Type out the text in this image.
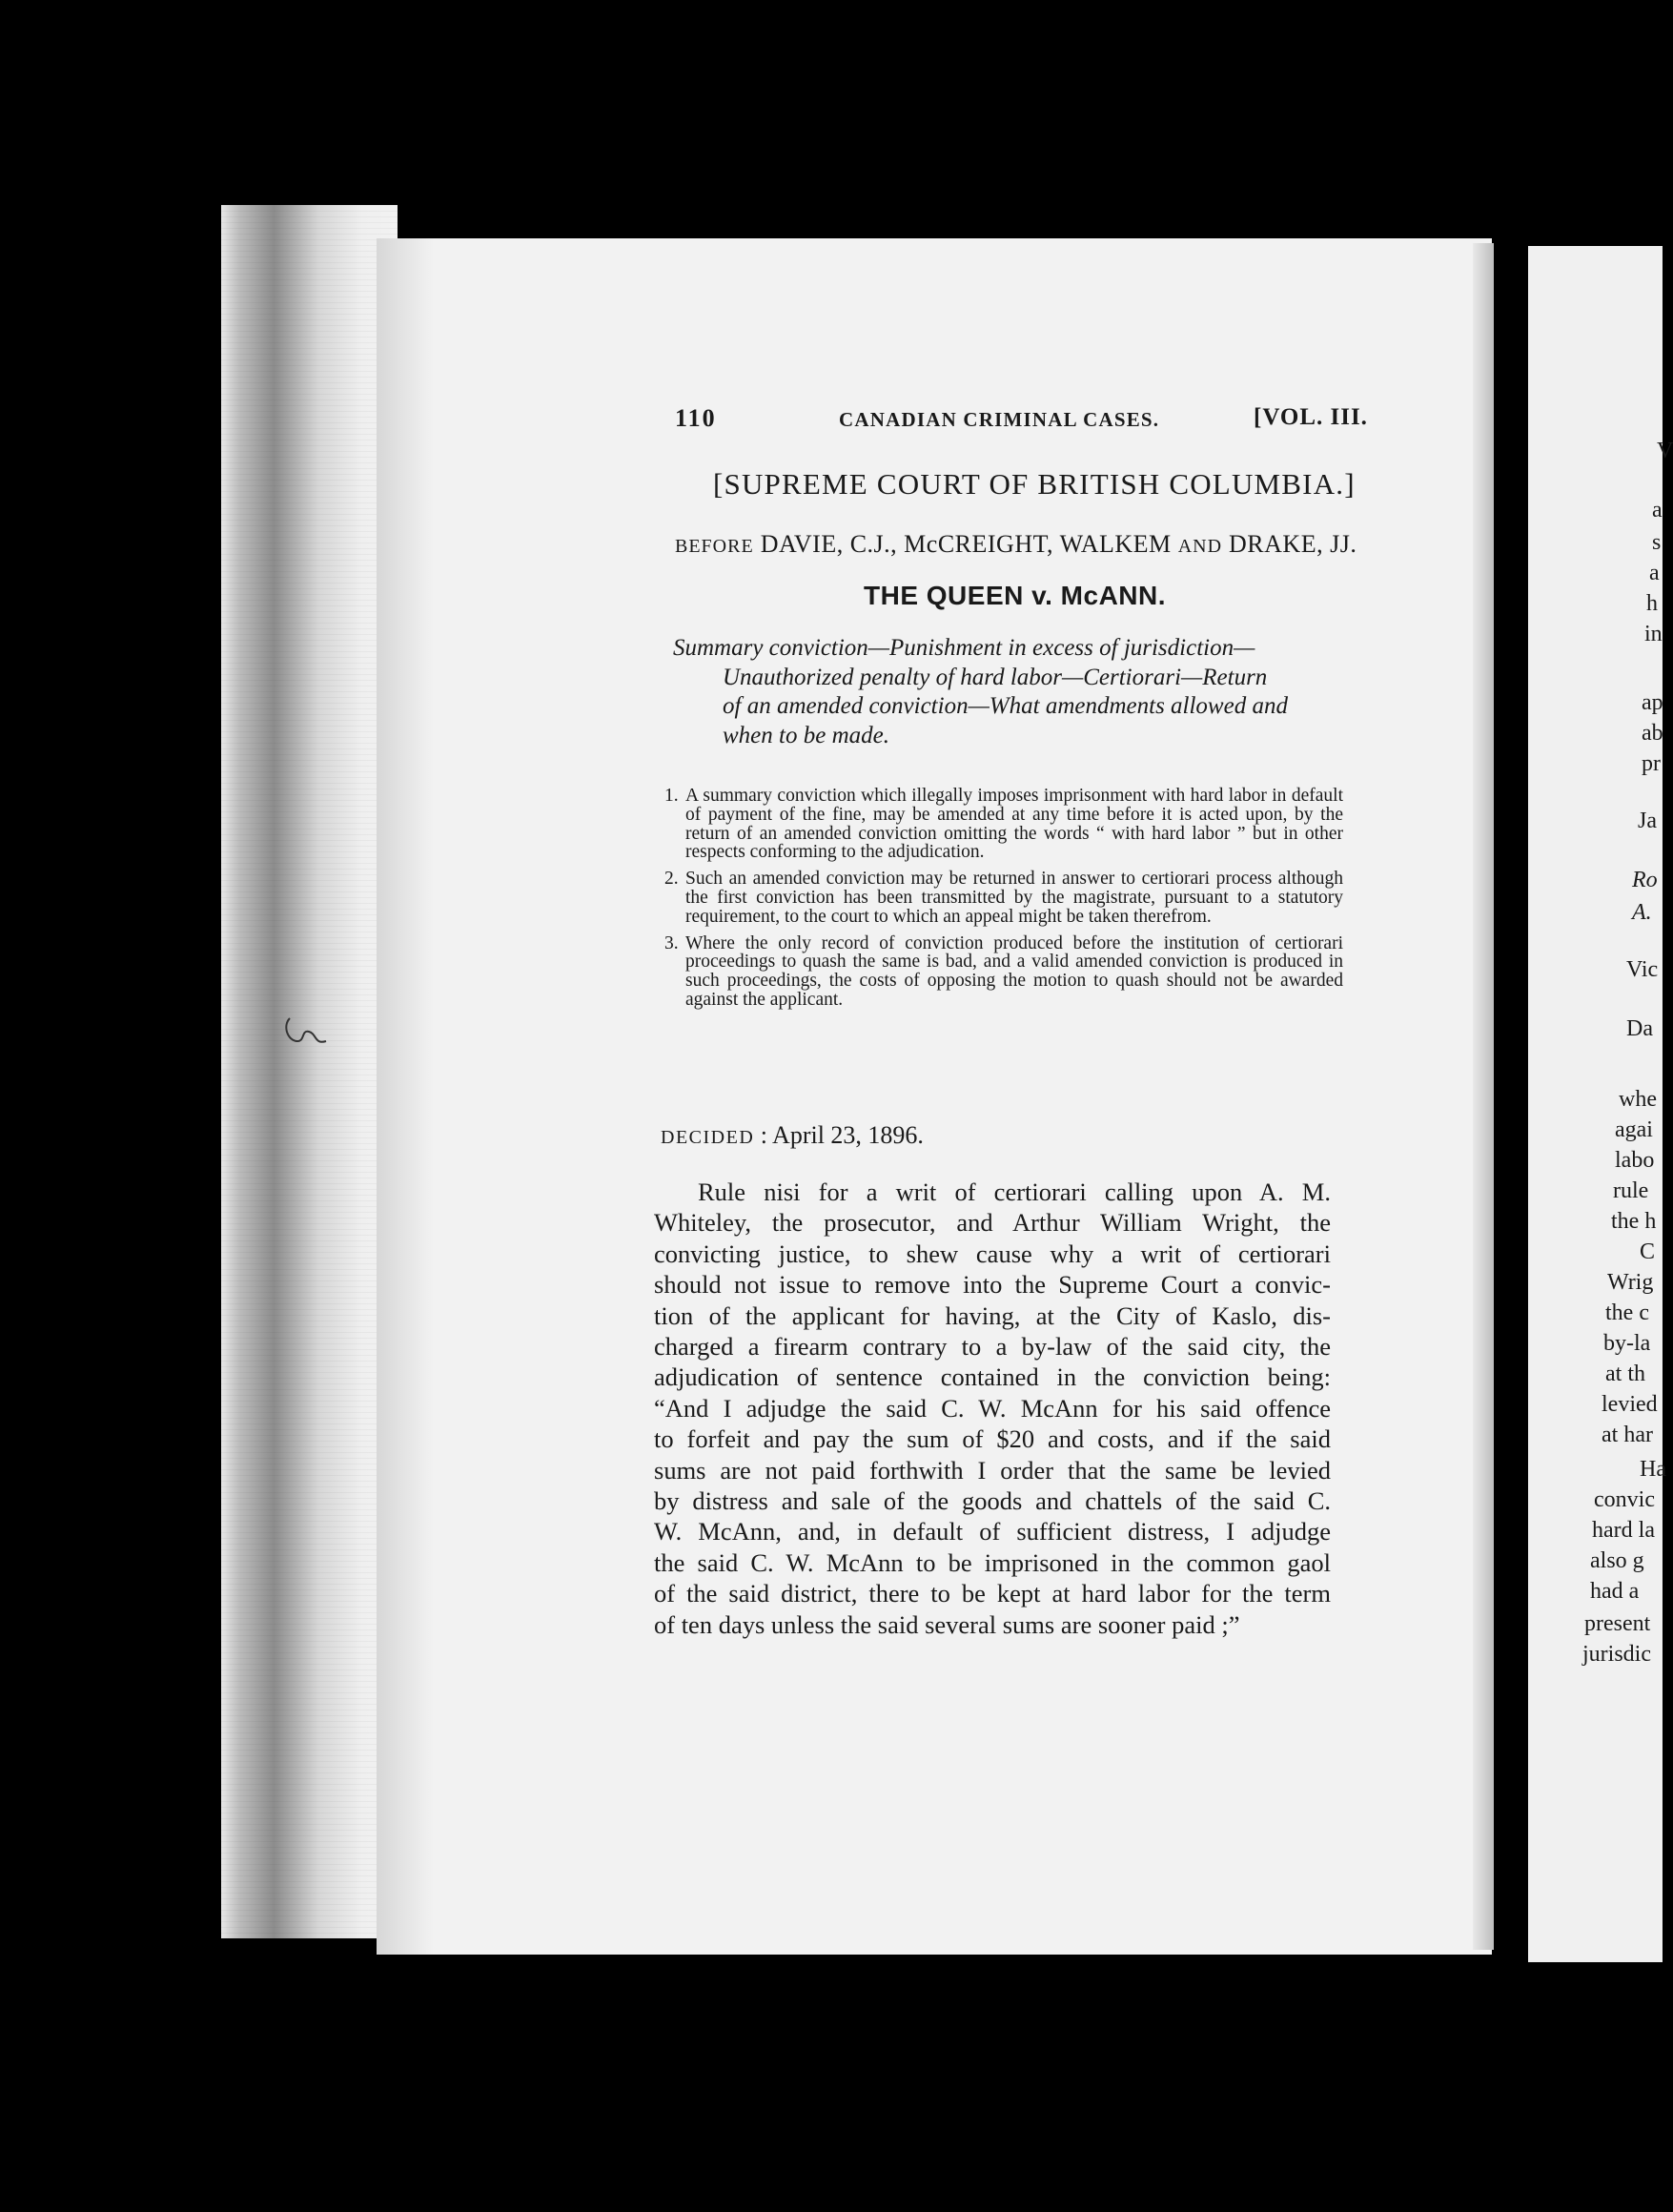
V
a
s
a
h
in
ap
ab
pr
Ja
Ro
A.
Vic
Da
whe
agai
labo
rule
the h
C
Wrig
the c
by-la
at th
levied
at har
Ha
convic
hard la
also g
had a
present
jurisdic
110	CANADIAN CRIMINAL CASES.	[VOL. III.
[SUPREME COURT OF BRITISH COLUMBIA.]
BEFORE DAVIE, C.J., McCREIGHT, WALKEM AND DRAKE, JJ.
THE QUEEN v. McANN.
Summary conviction—Punishment in excess of jurisdiction—
Unauthorized penalty of hard labor—Certiorari—Return
of an amended conviction—What amendments allowed and
when to be made.
1. A summary conviction which illegally imposes imprisonment with hard labor in default of payment of the fine, may be amended at any time before it is acted upon, by the return of an amended conviction omitting the words “ with hard labor ” but in other respects conforming to the adjudication.
2. Such an amended conviction may be returned in answer to certiorari process although the first conviction has been transmitted by the magistrate, pursuant to a statutory requirement, to the court to which an appeal might be taken therefrom.
3. Where the only record of conviction produced before the institution of certiorari proceedings to quash the same is bad, and a valid amended conviction is produced in such proceedings, the costs of opposing the motion to quash should not be awarded against the applicant.
DECIDED : April 23, 1896.
Rule nisi for a writ of certiorari calling upon A. M.
Whiteley, the prosecutor, and Arthur William Wright, the
convicting justice, to shew cause why a writ of certiorari
should not issue to remove into the Supreme Court a convic-
tion of the applicant for having, at the City of Kaslo, dis-
charged a firearm contrary to a by-law of the said city, the
adjudication of sentence contained in the conviction being:
“And I adjudge the said C. W. McAnn for his said offence
to forfeit and pay the sum of $20 and costs, and if the said
sums are not paid forthwith I order that the same be levied
by distress and sale of the goods and chattels of the said C.
W. McAnn, and, in default of sufficient distress, I adjudge
the said C. W. McAnn to be imprisoned in the common gaol
of the said district, there to be kept at hard labor for the term
of ten days unless the said several sums are sooner paid ;”
